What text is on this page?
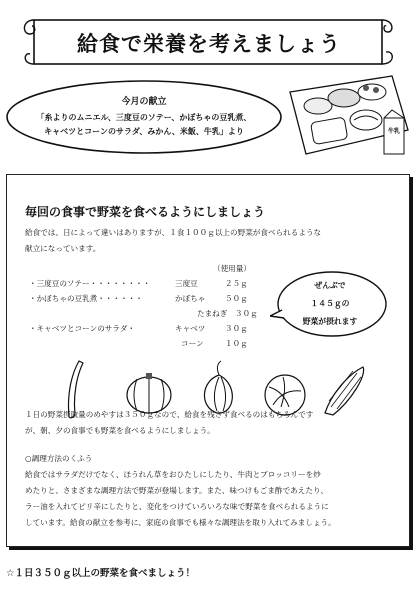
給食で栄養を考えましょう
今月の献立
「糸よりのムニエル、三度豆のソテー、かぼちゃの豆乳煮、
キャベツとコーンのサラダ、みかん、米飯、牛乳」より	牛乳
毎回の食事で野菜を食べるようにしましょう
給食では、日によって違いはありますが、１食１００ｇ以上の野菜が食べられるような
献立になっています。
（使用量）
・三度豆のソテー・・・・・・・・	三度豆	２５ｇ
・かぼちゃの豆乳煮・・・・・・	かぼちゃ	５０ｇ
たまねぎ ３０ｇ
・キャベツとコーンのサラダ・	キャベツ	３０ｇ
コーン	１０ｇ
１日の野菜摂取量のめやすは３５０ｇなので、給食を残さず食べるのはもちろんです
が、朝、夕の食事でも野菜を食べるようにしましょう。
○調理方法のくふう
給食ではサラダだけでなく、ほうれん草をおひたしにしたり、牛肉とブロッコリーを炒
めたりと、さまざまな調理方法で野菜が登場します。また、味つけもごま酢であえたり、
ラー油を入れてピリ辛にしたりと、変化をつけていろいろな味で野菜を食べられるように
しています。給食の献立を参考に、家庭の食事でも様々な調理法を取り入れてみましょう。
ぜんぶで
１４５ｇの
野菜が摂れます
☆１日３５０ｇ以上の野菜を食べましょう！
